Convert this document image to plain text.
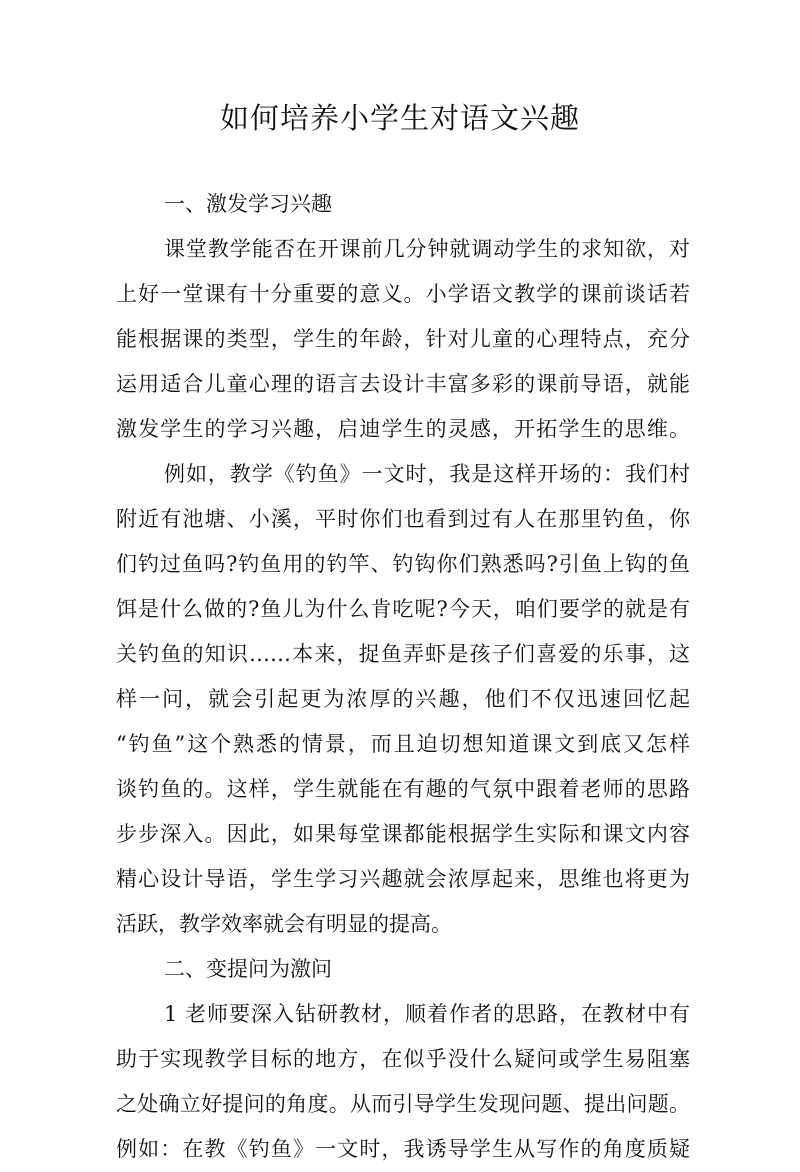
如何培养小学生对语文兴趣
一、激发学习兴趣
课堂教学能否在开课前几分钟就调动学生的求知欲，对
上好一堂课有十分重要的意义。小学语文教学的课前谈话若
能根据课的类型，学生的年龄，针对儿童的心理特点，充分
运用适合儿童心理的语言去设计丰富多彩的课前导语，就能
激发学生的学习兴趣，启迪学生的灵感，开拓学生的思维。
例如，教学《钓鱼》一文时，我是这样开场的：我们村
附近有池塘、小溪，平时你们也看到过有人在那里钓鱼，你
们钓过鱼吗?钓鱼用的钓竿、钓钩你们熟悉吗?引鱼上钩的鱼
饵是什么做的?鱼儿为什么肯吃呢?今天，咱们要学的就是有
关钓鱼的知识……本来，捉鱼弄虾是孩子们喜爱的乐事，这
样一问，就会引起更为浓厚的兴趣，他们不仅迅速回忆起
“钓鱼”这个熟悉的情景，而且迫切想知道课文到底又怎样
谈钓鱼的。这样，学生就能在有趣的气氛中跟着老师的思路
步步深入。因此，如果每堂课都能根据学生实际和课文内容
精心设计导语，学生学习兴趣就会浓厚起来，思维也将更为
活跃，教学效率就会有明显的提高。
二、变提问为激问
1 老师要深入钻研教材，顺着作者的思路，在教材中有
助于实现教学目标的地方，在似乎没什么疑问或学生易阻塞
之处确立好提问的角度。从而引导学生发现问题、提出问题。
例如：在教《钓鱼》一文时，我诱导学生从写作的角度质疑
